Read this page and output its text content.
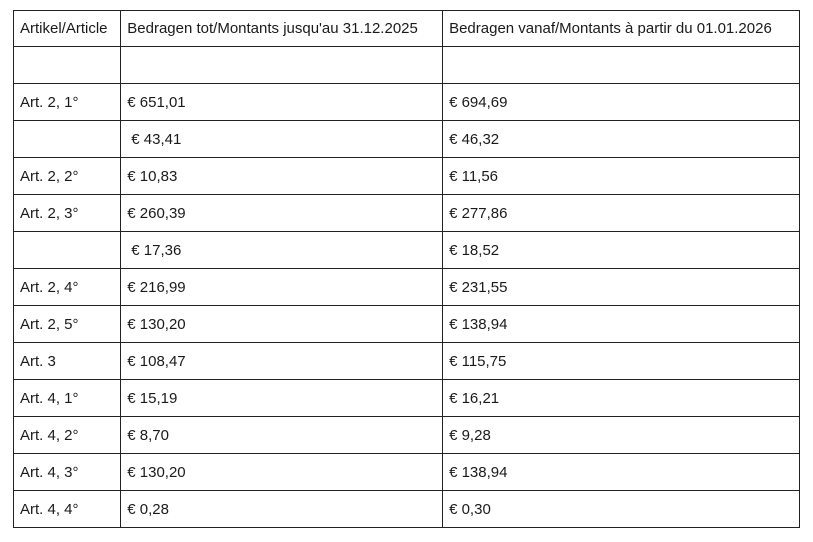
Artikel/Article	Bedragen tot/Montants jusqu'au 31.12.2025	Bedragen vanaf/Montants à partir du 01.01.2026

Art. 2, 1°	€ 651,01	€ 694,69
	€ 43,41	€ 46,32
Art. 2, 2°	€ 10,83	€ 11,56
Art. 2, 3°	€ 260,39	€ 277,86
	€ 17,36	€ 18,52
Art. 2, 4°	€ 216,99	€ 231,55
Art. 2, 5°	€ 130,20	€ 138,94
Art. 3	€ 108,47	€ 115,75
Art. 4, 1°	€ 15,19	€ 16,21
Art. 4, 2°	€ 8,70	€ 9,28
Art. 4, 3°	€ 130,20	€ 138,94
Art. 4, 4°	€ 0,28	€ 0,30
